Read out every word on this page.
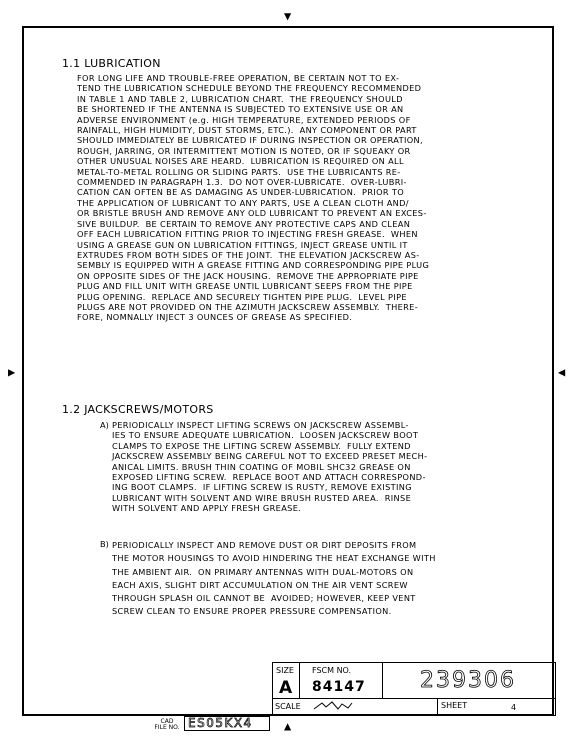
▼
▲
▶	◀
1.1 LUBRICATION
FOR LONG LIFE AND TROUBLE-FREE OPERATION, BE CERTAIN NOT TO EX-
TEND THE LUBRICATION SCHEDULE BEYOND THE FREQUENCY RECOMMENDED
IN TABLE 1 AND TABLE 2, LUBRICATION CHART.  THE FREQUENCY SHOULD
BE SHORTENED IF THE ANTENNA IS SUBJECTED TO EXTENSIVE USE OR AN
ADVERSE ENVIRONMENT (e.g. HIGH TEMPERATURE, EXTENDED PERIODS OF
RAINFALL, HIGH HUMIDITY, DUST STORMS, ETC.).  ANY COMPONENT OR PART
SHOULD IMMEDIATELY BE LUBRICATED IF DURING INSPECTION OR OPERATION,
ROUGH, JARRING, OR INTERMITTENT MOTION IS NOTED, OR IF SQUEAKY OR
OTHER UNUSUAL NOISES ARE HEARD.  LUBRICATION IS REQUIRED ON ALL
METAL-TO-METAL ROLLING OR SLIDING PARTS.  USE THE LUBRICANTS RE-
COMMENDED IN PARAGRAPH 1.3.  DO NOT OVER-LUBRICATE.  OVER-LUBRI-
CATION CAN OFTEN BE AS DAMAGING AS UNDER-LUBRICATION.  PRIOR TO
THE APPLICATION OF LUBRICANT TO ANY PARTS, USE A CLEAN CLOTH AND/
OR BRISTLE BRUSH AND REMOVE ANY OLD LUBRICANT TO PREVENT AN EXCES-
SIVE BUILDUP.  BE CERTAIN TO REMOVE ANY PROTECTIVE CAPS AND CLEAN
OFF EACH LUBRICATION FITTING PRIOR TO INJECTING FRESH GREASE.  WHEN
USING A GREASE GUN ON LUBRICATION FITTINGS, INJECT GREASE UNTIL IT
EXTRUDES FROM BOTH SIDES OF THE JOINT.  THE ELEVATION JACKSCREW AS-
SEMBLY IS EQUIPPED WITH A GREASE FITTING AND CORRESPONDING PIPE PLUG
ON OPPOSITE SIDES OF THE JACK HOUSING.  REMOVE THE APPROPRIATE PIPE
PLUG AND FILL UNIT WITH GREASE UNTIL LUBRICANT SEEPS FROM THE PIPE
PLUG OPENING.  REPLACE AND SECURELY TIGHTEN PIPE PLUG.  LEVEL PIPE
PLUGS ARE NOT PROVIDED ON THE AZIMUTH JACKSCREW ASSEMBLY.  THERE-
FORE, NOMNALLY INJECT 3 OUNCES OF GREASE AS SPECIFIED.
1.2 JACKSCREWS/MOTORS
A) PERIODICALLY INSPECT LIFTING SCREWS ON JACKSCREW ASSEMBL-
IES TO ENSURE ADEQUATE LUBRICATION.  LOOSEN JACKSCREW BOOT
CLAMPS TO EXPOSE THE LIFTING SCREW ASSEMBLY.  FULLY EXTEND
JACKSCREW ASSEMBLY BEING CAREFUL NOT TO EXCEED PRESET MECH-
ANICAL LIMITS. BRUSH THIN COATING OF MOBIL SHC32 GREASE ON
EXPOSED LIFTING SCREW.  REPLACE BOOT AND ATTACH CORRESPOND-
ING BOOT CLAMPS.  IF LIFTING SCREW IS RUSTY, REMOVE EXISTING
LUBRICANT WITH SOLVENT AND WIRE BRUSH RUSTED AREA.  RINSE
WITH SOLVENT AND APPLY FRESH GREASE.
B) PERIODICALLY INSPECT AND REMOVE DUST OR DIRT DEPOSITS FROM
THE MOTOR HOUSINGS TO AVOID HINDERING THE HEAT EXCHANGE WITH
THE AMBIENT AIR.  ON PRIMARY ANTENNAS WITH DUAL-MOTORS ON
EACH AXIS, SLIGHT DIRT ACCUMULATION ON THE AIR VENT SCREW
THROUGH SPLASH OIL CANNOT BE  AVOIDED; HOWEVER, KEEP VENT
SCREW CLEAN TO ENSURE PROPER PRESSURE COMPENSATION.
SIZE
A
FSCM NO.
84147 239306
SCALE	SHEET	4
CAD
FILE NO. ES05KX4
